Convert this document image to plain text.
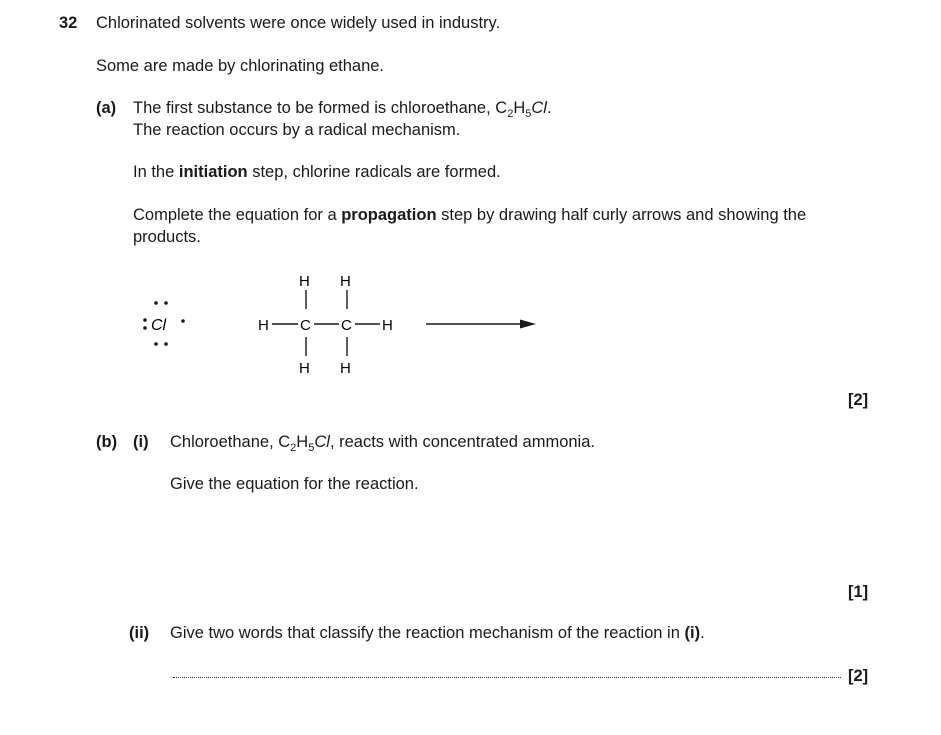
32 Chlorinated solvents were once widely used in industry.
Some are made by chlorinating ethane.
(a) The first substance to be formed is chloroethane, $C_2H_5Cl$.
The reaction occurs by a radical mechanism.
In the initiation step, chlorine radicals are formed.
Complete the equation for a propagation step by drawing half curly arrows and showing the
products.
Cl
H H
H C C H
H H
[2]
(b) (i) Chloroethane, $C_2H_5Cl$, reacts with concentrated ammonia.
Give the equation for the reaction.
[1]
(ii) Give two words that classify the reaction mechanism of the reaction in (i).
[2]
